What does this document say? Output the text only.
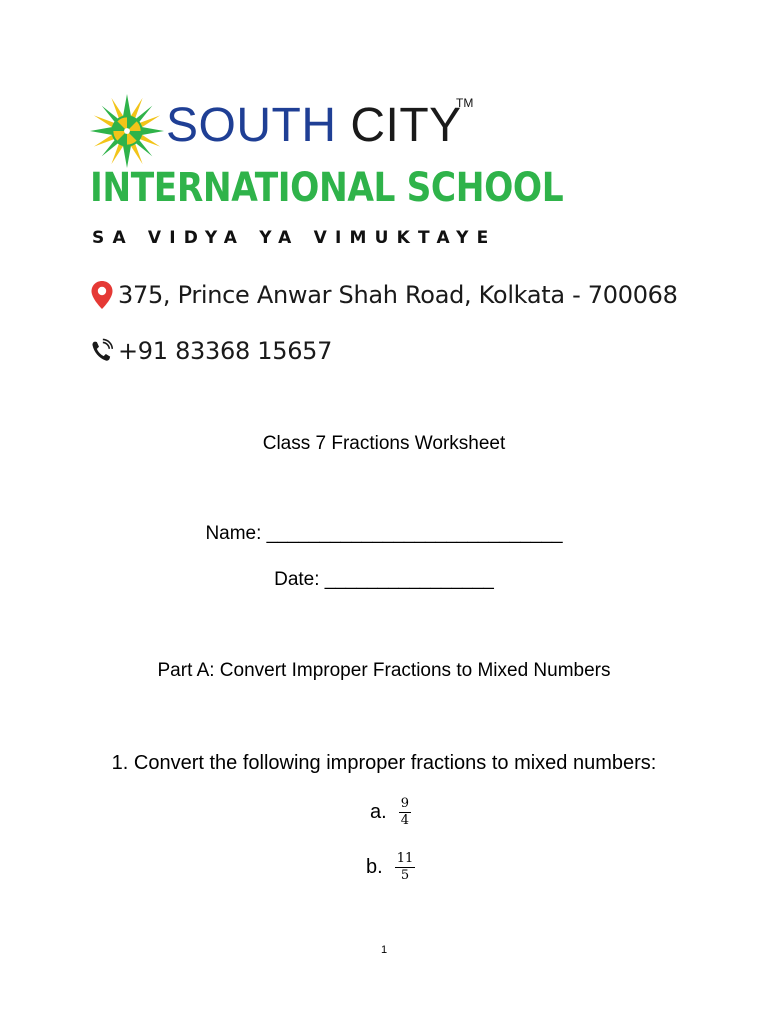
SOUTH CITY
TM
INTERNATIONAL SCHOOL
SA VIDYA YA VIMUKTAYE
375, Prince Anwar Shah Road, Kolkata - 700068
+91 83368 15657
Class 7 Fractions Worksheet
Name: ____________________________
Date: ________________
Part A: Convert Improper Fractions to Mixed Numbers
1. Convert the following improper fractions to mixed numbers:
a. $\frac{9}{4}$
b. $\frac{11}{5}$
1
